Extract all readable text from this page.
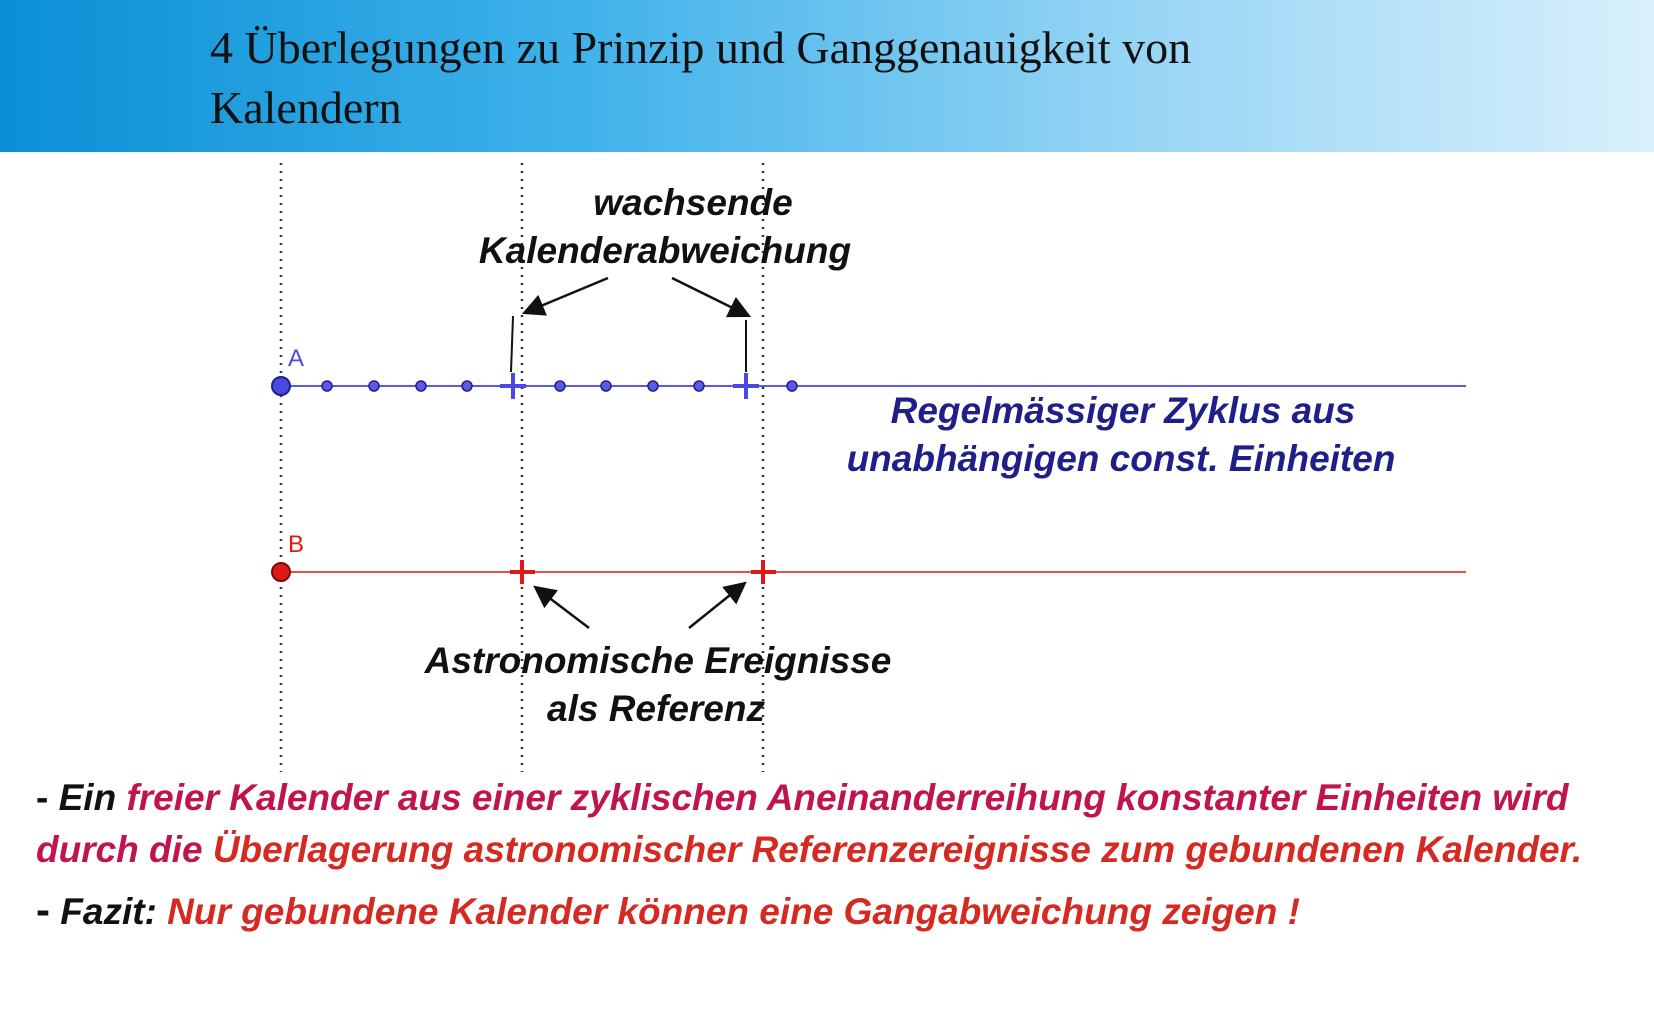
4 Überlegungen zu Prinzip und Ganggenauigkeit von
Kalendern
A
B
wachsende
Kalenderabweichung
Regelmässiger Zyklus aus
unabhängigen const. Einheiten
Astronomische Ereignisse
als Referenz

- Ein freier Kalender aus einer zyklischen Aneinanderreihung konstanter Einheiten wird durch die Überlagerung astronomischer Referenzereignisse zum gebundenen Kalender.

- Fazit: Nur gebundene Kalender können eine Gangabweichung zeigen !
